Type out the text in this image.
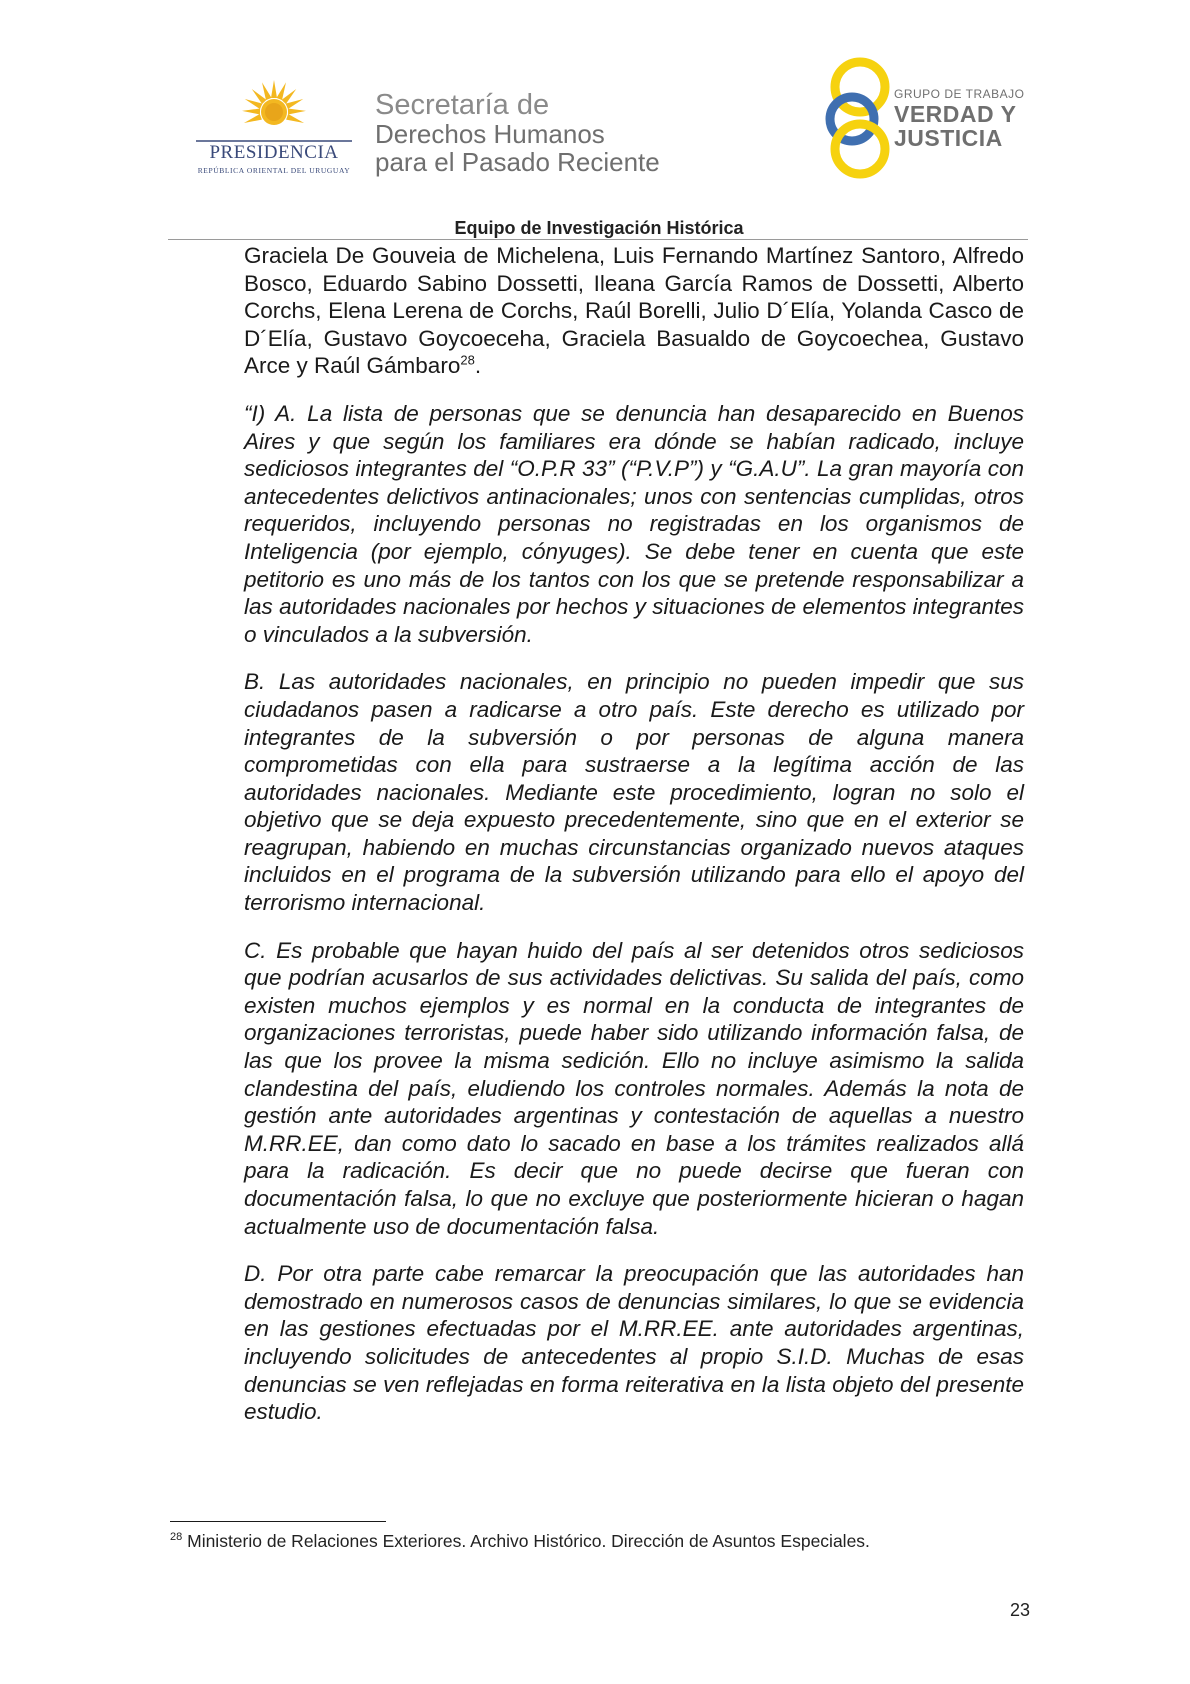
PRESIDENCIA
REPÚBLICA ORIENTAL DEL URUGUAY
Secretaría de
Derechos Humanos
para el Pasado Reciente
GRUPO DE TRABAJO
VERDAD Y
JUSTICIA
Equipo de Investigación Histórica

Graciela De Gouveia de Michelena, Luis Fernando Martínez Santoro, Alfredo Bosco, Eduardo Sabino Dossetti, Ileana García Ramos de Dossetti, Alberto Corchs, Elena Lerena de Corchs, Raúl Borelli, Julio D´Elía, Yolanda Casco de D´Elía, Gustavo Goycoeceha, Graciela Basualdo de Goycoechea, Gustavo Arce y Raúl Gámbaro$^{28}$.

“I) A. La lista de personas que se denuncia han desaparecido en Buenos Aires y que según los familiares era dónde se habían radicado, incluye sediciosos integrantes del “O.P.R 33” (“P.V.P”) y “G.A.U”. La gran mayoría con antecedentes delictivos antinacionales; unos con sentencias cumplidas, otros requeridos, incluyendo personas no registradas en los organismos de Inteligencia (por ejemplo, cónyuges). Se debe tener en cuenta que este petitorio es uno más de los tantos con los que se pretende responsabilizar a las autoridades nacionales por hechos y situaciones de elementos integrantes o vinculados a la subversión.

B. Las autoridades nacionales, en principio no pueden impedir que sus ciudadanos pasen a radicarse a otro país. Este derecho es utilizado por integrantes de la subversión o por personas de alguna manera comprometidas con ella para sustraerse a la legítima acción de las autoridades nacionales. Mediante este procedimiento, logran no solo el objetivo que se deja expuesto precedentemente, sino que en el exterior se reagrupan, habiendo en muchas circunstancias organizado nuevos ataques incluidos en el programa de la subversión utilizando para ello el apoyo del terrorismo internacional.

C. Es probable que hayan huido del país al ser detenidos otros sediciosos que podrían acusarlos de sus actividades delictivas. Su salida del país, como existen muchos ejemplos y es normal en la conducta de integrantes de organizaciones terroristas, puede haber sido utilizando información falsa, de las que los provee la misma sedición. Ello no incluye asimismo la salida clandestina del país, eludiendo los controles normales. Además la nota de gestión ante autoridades argentinas y contestación de aquellas a nuestro M.RR.EE, dan como dato lo sacado en base a los trámites realizados allá para la radicación. Es decir que no puede decirse que fueran con documentación falsa, lo que no excluye que posteriormente hicieran o hagan actualmente uso de documentación falsa.

D. Por otra parte cabe remarcar la preocupación que las autoridades han demostrado en numerosos casos de denuncias similares, lo que se evidencia en las gestiones efectuadas por el M.RR.EE. ante autoridades argentinas, incluyendo solicitudes de antecedentes al propio S.I.D. Muchas de esas denuncias se ven reflejadas en forma reiterativa en la lista objeto del presente estudio.

$^{28}$ Ministerio de Relaciones Exteriores. Archivo Histórico. Dirección de Asuntos Especiales.
23
